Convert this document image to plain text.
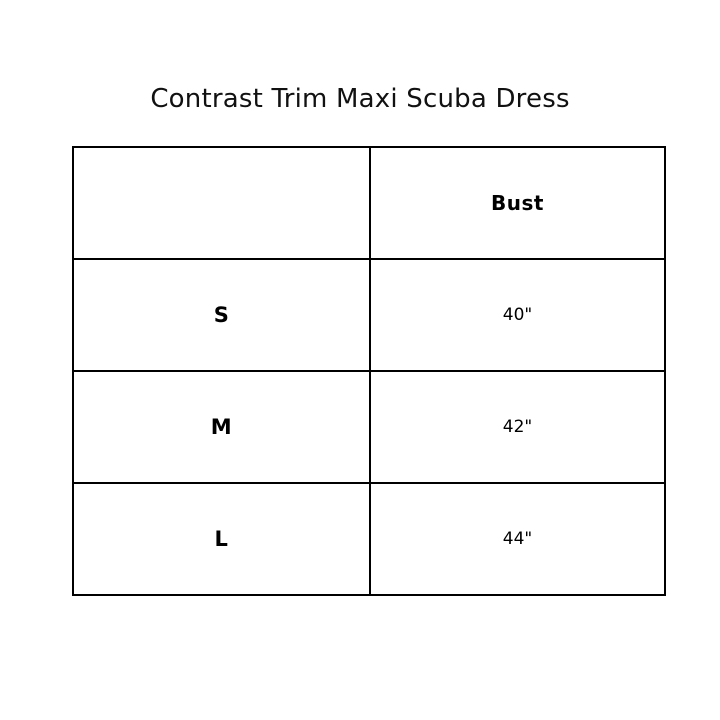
Contrast Trim Maxi Scuba Dress
	Bust
S	40"
M	42"
L	44"
